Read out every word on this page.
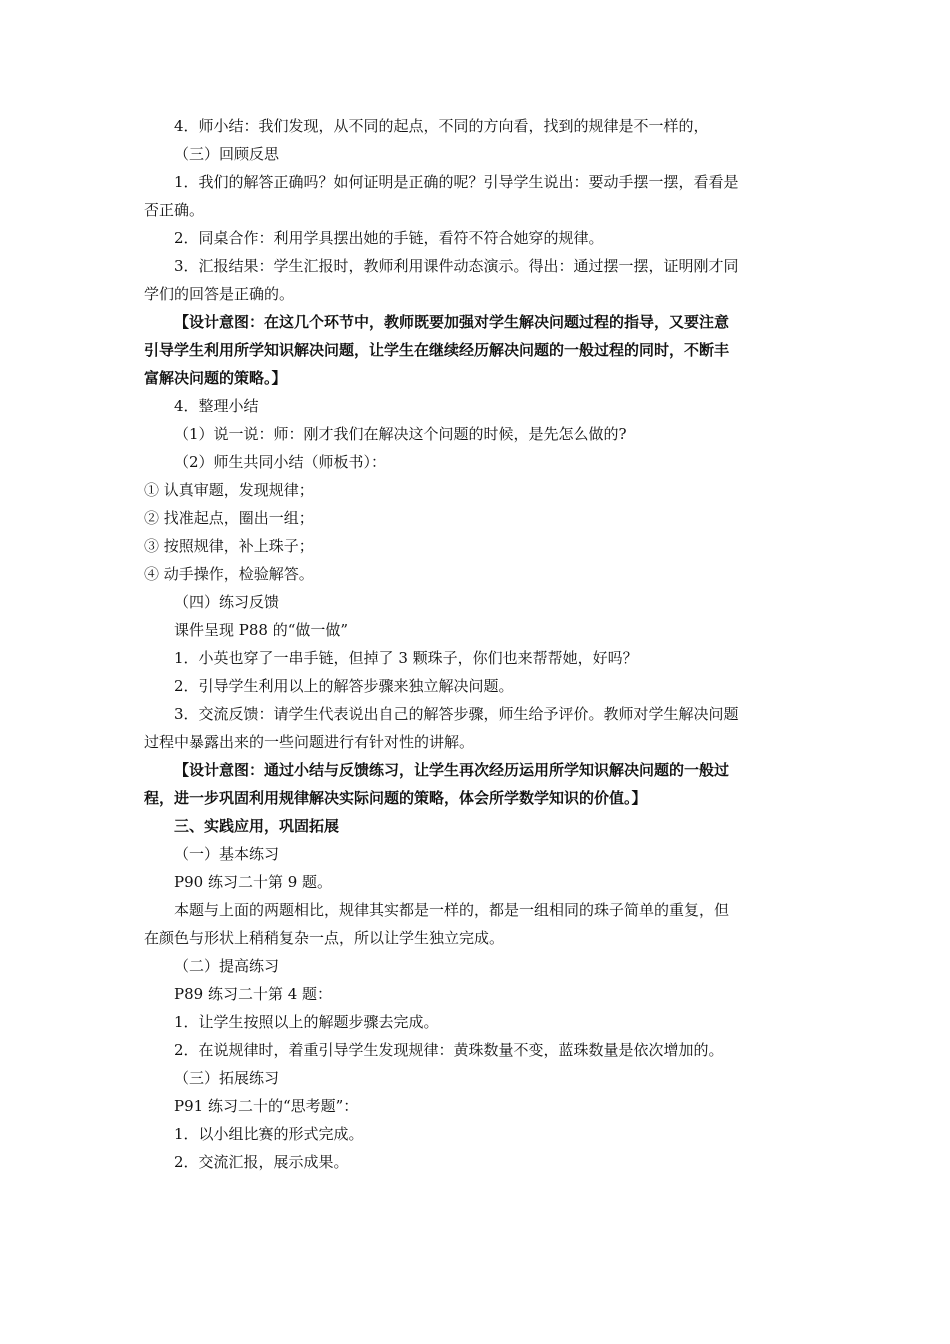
4．师小结：我们发现，从不同的起点，不同的方向看，找到的规律是不一样的，
（三）回顾反思
1．我们的解答正确吗？如何证明是正确的呢？引导学生说出：要动手摆一摆，看看是
否正确。
2．同桌合作：利用学具摆出她的手链，看符不符合她穿的规律。
3．汇报结果：学生汇报时，教师利用课件动态演示。得出：通过摆一摆，证明刚才同
学们的回答是正确的。
【设计意图：在这几个环节中，教师既要加强对学生解决问题过程的指导，又要注意
引导学生利用所学知识解决问题，让学生在继续经历解决问题的一般过程的同时，不断丰
富解决问题的策略。】
4．整理小结
（1）说一说：师：刚才我们在解决这个问题的时候，是先怎么做的?
（2）师生共同小结（师板书）：
① 认真审题，发现规律；
② 找准起点，圈出一组；
③ 按照规律，补上珠子；
④ 动手操作，检验解答。
（四）练习反馈
课件呈现 P88 的“做一做”
1．小英也穿了一串手链，但掉了 3 颗珠子，你们也来帮帮她，好吗？
2．引导学生利用以上的解答步骤来独立解决问题。
3．交流反馈：请学生代表说出自己的解答步骤，师生给予评价。教师对学生解决问题
过程中暴露出来的一些问题进行有针对性的讲解。
【设计意图：通过小结与反馈练习，让学生再次经历运用所学知识解决问题的一般过
程，进一步巩固利用规律解决实际问题的策略，体会所学数学知识的价值。】
三、实践应用，巩固拓展
（一）基本练习
P90 练习二十第 9 题。
本题与上面的两题相比，规律其实都是一样的，都是一组相同的珠子简单的重复，但
在颜色与形状上稍稍复杂一点，所以让学生独立完成。
（二）提高练习
P89 练习二十第 4 题：
1．让学生按照以上的解题步骤去完成。
2．在说规律时，着重引导学生发现规律：黄珠数量不变，蓝珠数量是依次增加的。
（三）拓展练习
P91 练习二十的“思考题”：
1．以小组比赛的形式完成。
2．交流汇报，展示成果。
